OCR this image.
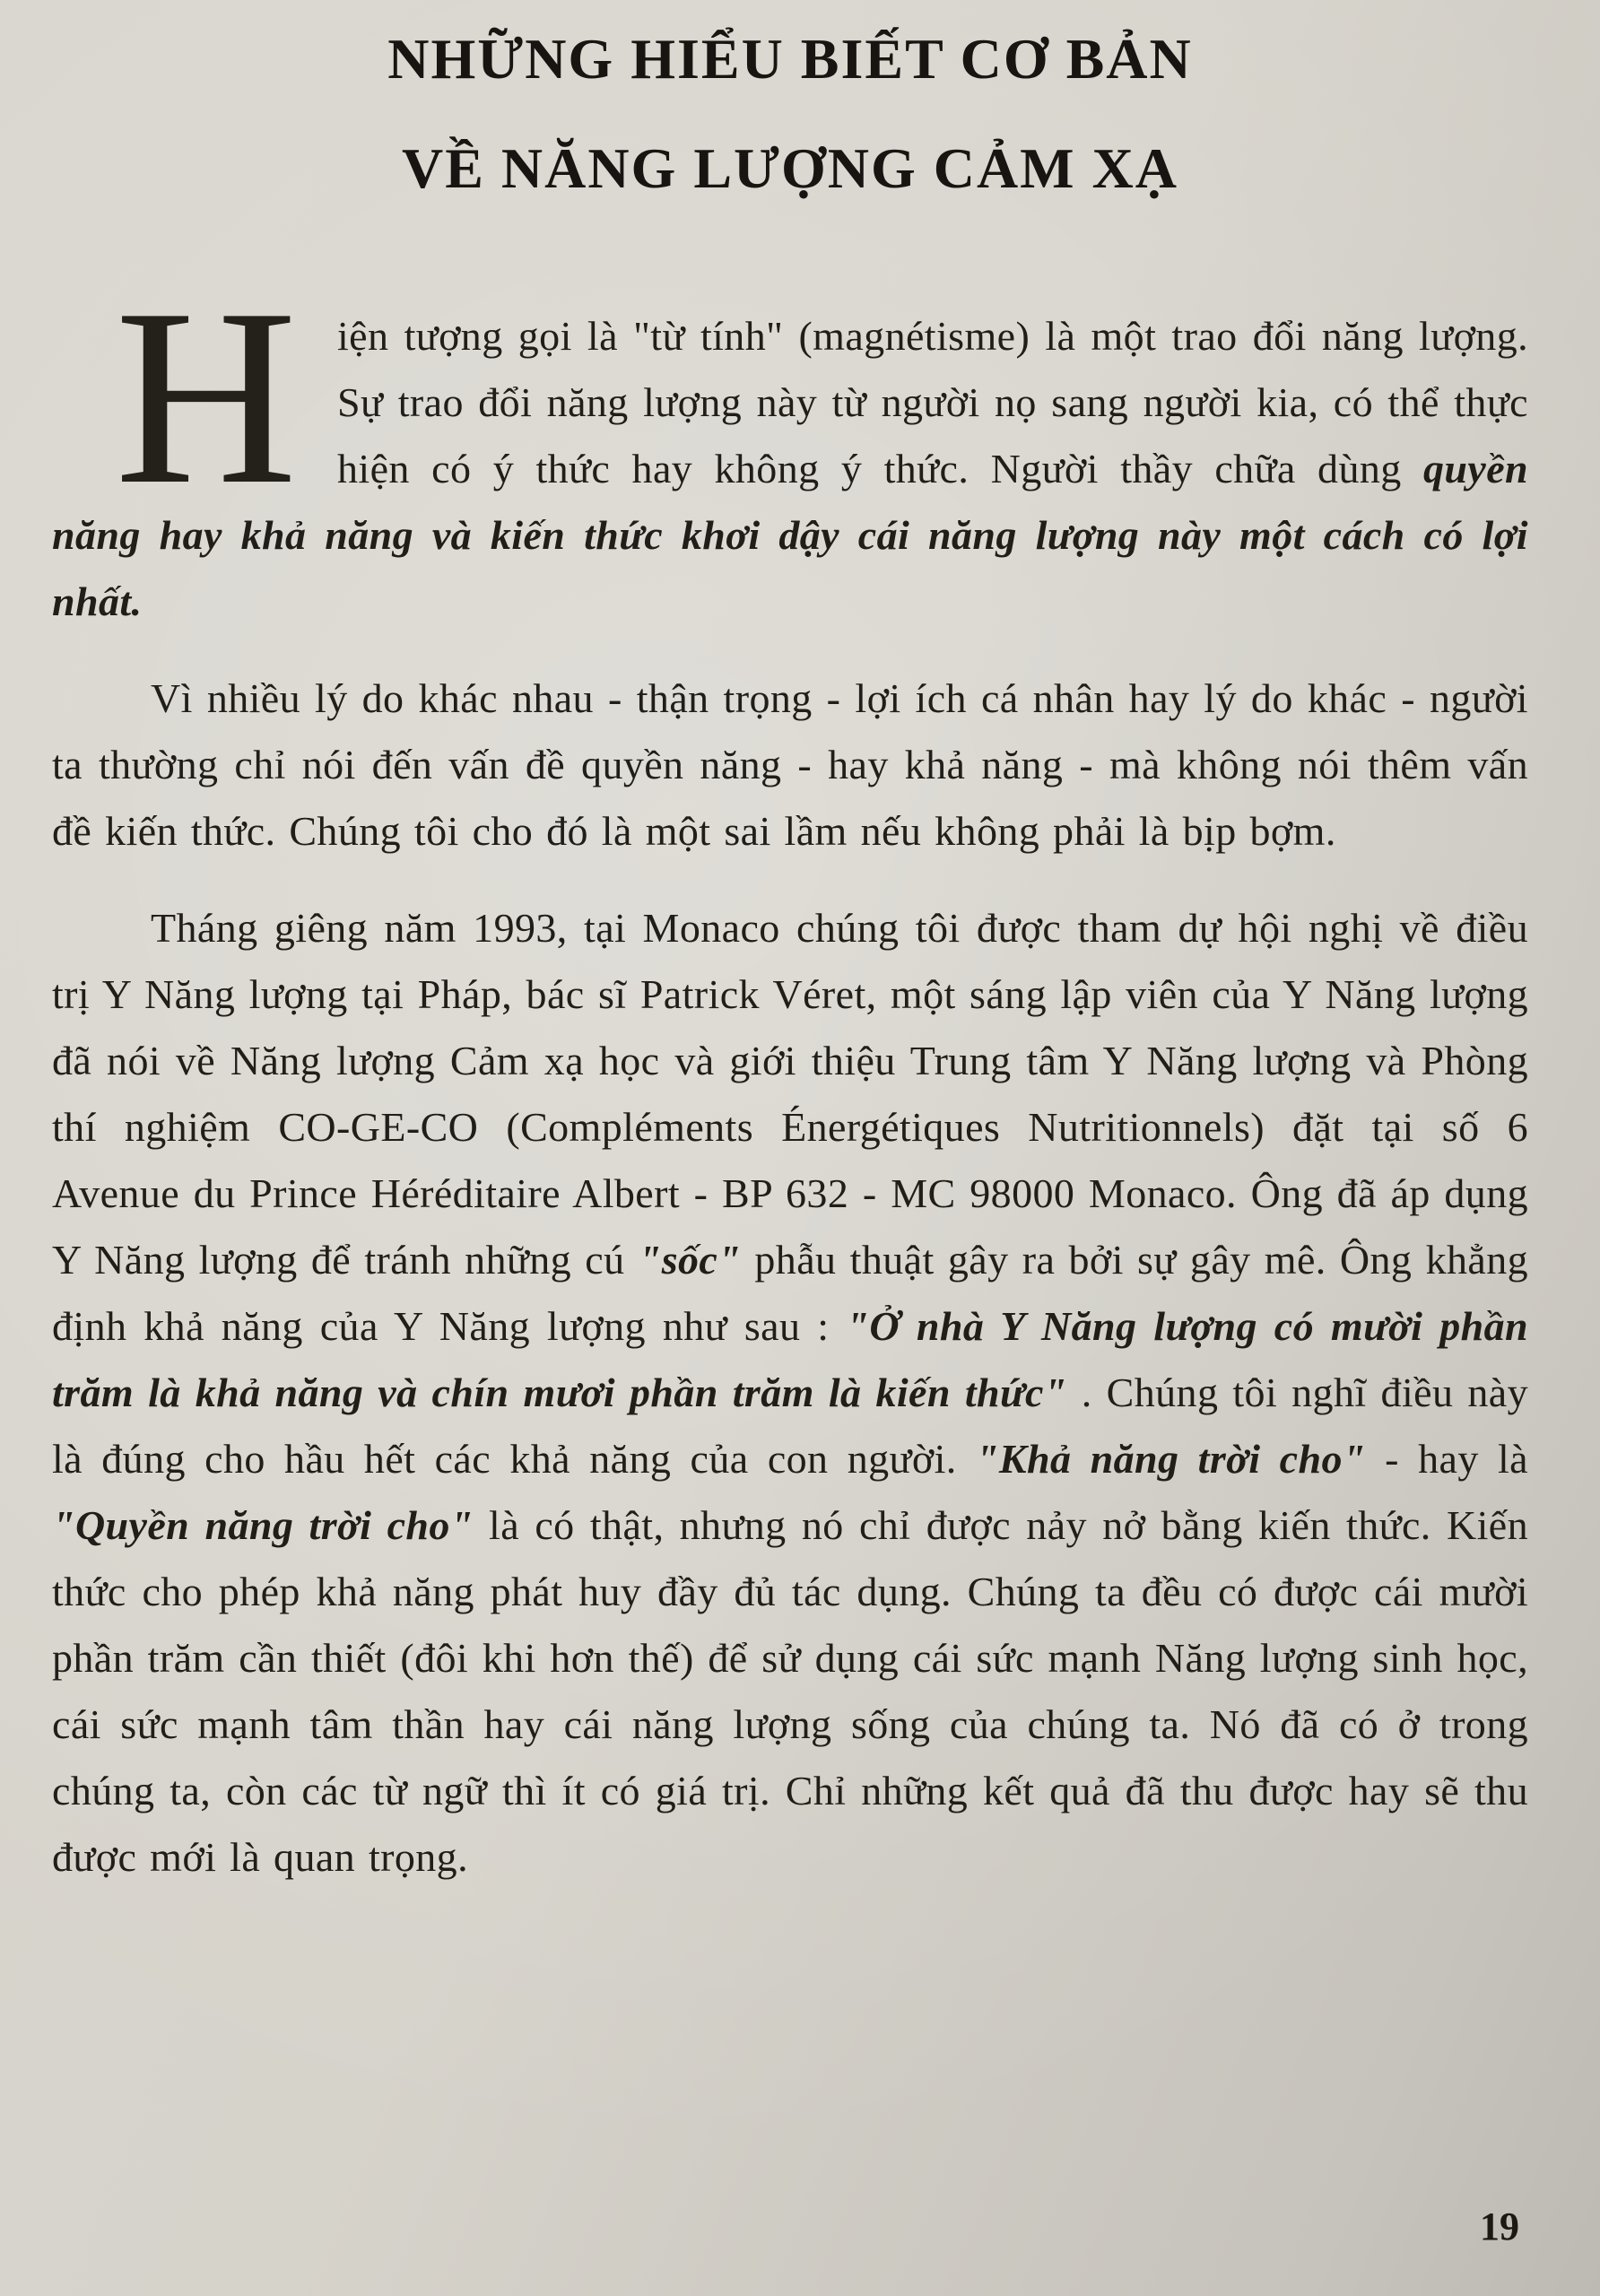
NHỮNG HIỂU BIẾT CƠ BẢN
VỀ NĂNG LƯỢNG CẢM XẠ

Hiện tượng gọi là "từ tính" (magnétisme) là một trao đổi năng lượng. Sự trao đổi năng lượng này từ người nọ sang người kia, có thể thực hiện có ý thức hay không ý thức. Người thầy chữa dùng quyền năng hay khả năng và kiến thức khơi dậy cái năng lượng này một cách có lợi nhất.

Vì nhiều lý do khác nhau - thận trọng - lợi ích cá nhân hay lý do khác - người ta thường chỉ nói đến vấn đề quyền năng - hay khả năng - mà không nói thêm vấn đề kiến thức. Chúng tôi cho đó là một sai lầm nếu không phải là bịp bợm.

Tháng giêng năm 1993, tại Monaco chúng tôi được tham dự hội nghị về điều trị Y Năng lượng tại Pháp, bác sĩ Patrick Véret, một sáng lập viên của Y Năng lượng đã nói về Năng lượng Cảm xạ học và giới thiệu Trung tâm Y Năng lượng và Phòng thí nghiệm CO-GE-CO (Compléments Énergétiques Nutritionnels) đặt tại số 6 Avenue du Prince Héréditaire Albert - BP 632 - MC 98000 Monaco. Ông đã áp dụng Y Năng lượng để tránh những cú "sốc" phẫu thuật gây ra bởi sự gây mê. Ông khẳng định khả năng của Y Năng lượng như sau : "Ở nhà Y Năng lượng có mười phần trăm là khả năng và chín mươi phần trăm là kiến thức" . Chúng tôi nghĩ điều này là đúng cho hầu hết các khả năng của con người. "Khả năng trời cho" - hay là "Quyền năng trời cho" là có thật, nhưng nó chỉ được nảy nở bằng kiến thức. Kiến thức cho phép khả năng phát huy đầy đủ tác dụng. Chúng ta đều có được cái mười phần trăm cần thiết (đôi khi hơn thế) để sử dụng cái sức mạnh Năng lượng sinh học, cái sức mạnh tâm thần hay cái năng lượng sống của chúng ta. Nó đã có ở trong chúng ta, còn các từ ngữ thì ít có giá trị. Chỉ những kết quả đã thu được hay sẽ thu được mới là quan trọng.

19
